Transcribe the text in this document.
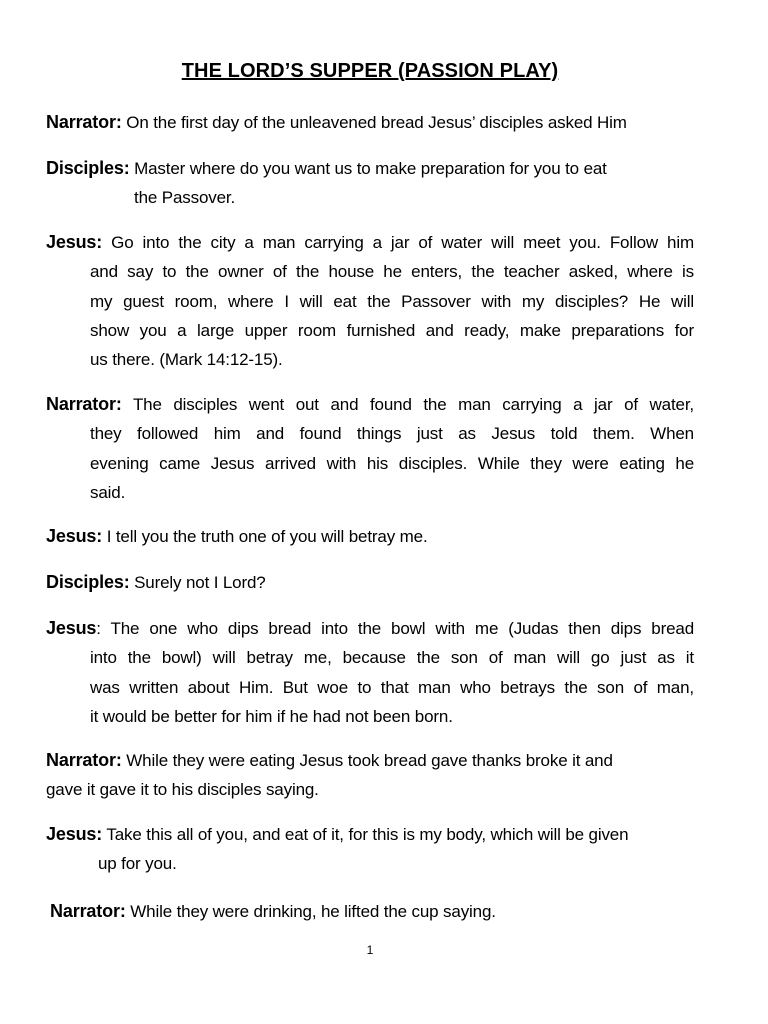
THE LORD’S SUPPER (PASSION PLAY)
Narrator: On the first day of the unleavened bread Jesus’ disciples asked Him
Disciples: Master where do you want us to make preparation for you to eat
the Passover.
Jesus: Go into the city a man carrying a jar of water will meet you. Follow him
and say to the owner of the house he enters, the teacher asked, where is
my guest room, where I will eat the Passover with my disciples? He will
show you a large upper room furnished and ready, make preparations for
us there. (Mark 14:12-15).
Narrator: The disciples went out and found the man carrying a jar of water,
they followed him and found things just as Jesus told them. When
evening came Jesus arrived with his disciples. While they were eating he
said.
Jesus: I tell you the truth one of you will betray me.
Disciples: Surely not I Lord?
Jesus: The one who dips bread into the bowl with me (Judas then dips bread
into the bowl) will betray me, because the son of man will go just as it
was written about Him. But woe to that man who betrays the son of man,
it would be better for him if he had not been born.
Narrator: While they were eating Jesus took bread gave thanks broke it and
gave it gave it to his disciples saying.
Jesus: Take this all of you, and eat of it, for this is my body, which will be given
up for you.
Narrator: While they were drinking, he lifted the cup saying.
1
